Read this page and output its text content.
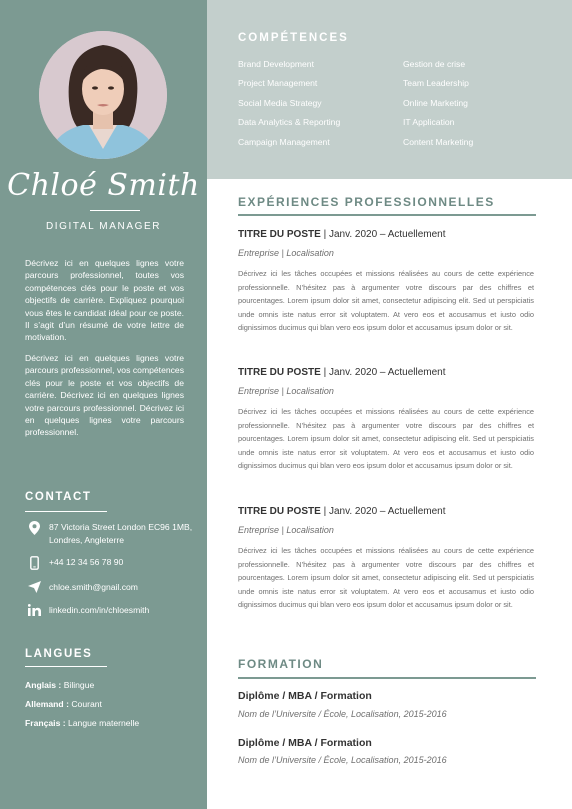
Chloé Smith
DIGITAL MANAGER

Décrivez ici en quelques lignes votre parcours professionnel, toutes vos compétences clés pour le poste et vos objectifs de carrière. Expliquez pourquoi vous êtes le candidat idéal pour ce poste. Il s’agit d’un résumé de votre lettre de motivation.

Décrivez ici en quelques lignes votre parcours professionnel, vos compétences clés pour le poste et vos objectifs de carrière. Décrivez ici en quelques lignes votre parcours professionnel. Décrivez ici en quelques lignes votre parcours professionnel.

CONTACT
87 Victoria Street London EC96 1MB, Londres, Angleterre
+44 12 34 56 78 90
chloe.smith@gnail.com
linkedin.com/in/chloesmith
LANGUES
Anglais : Bilingue
Allemand : Courant
Français : Langue maternelle
COMPÉTENCES
Brand Development
Project Management
Social Media Strategy
Data Analytics & Reporting
Campaign Management
Gestion de crise
Team Leadership
Online Marketing
IT Application
Content Marketing
EXPÉRIENCES PROFESSIONNELLES
TITRE DU POSTE | Janv. 2020 – Actuellement
Entreprise | Localisation

Décrivez ici les tâches occupées et missions réalisées au cours de cette expérience professionnelle. N’hésitez pas à argumenter votre discours par des chiffres et pourcentages. Lorem ipsum dolor sit amet, consectetur adipiscing elit. Sed ut perspiciatis unde omnis iste natus error sit voluptatem. At vero eos et accusamus et iusto odio dignissimos ducimus qui blan vero eos ipsum dolor et accusamus ipsum dolor or sit.

TITRE DU POSTE | Janv. 2020 – Actuellement
Entreprise | Localisation

Décrivez ici les tâches occupées et missions réalisées au cours de cette expérience professionnelle. N’hésitez pas à argumenter votre discours par des chiffres et pourcentages. Lorem ipsum dolor sit amet, consectetur adipiscing elit. Sed ut perspiciatis unde omnis iste natus error sit voluptatem. At vero eos et accusamus et iusto odio dignissimos ducimus qui blan vero eos ipsum dolor et accusamus ipsum dolor or sit.

TITRE DU POSTE | Janv. 2020 – Actuellement
Entreprise | Localisation

Décrivez ici les tâches occupées et missions réalisées au cours de cette expérience professionnelle. N’hésitez pas à argumenter votre discours par des chiffres et pourcentages. Lorem ipsum dolor sit amet, consectetur adipiscing elit. Sed ut perspiciatis unde omnis iste natus error sit voluptatem. At vero eos et accusamus et iusto odio dignissimos ducimus qui blan vero eos ipsum dolor et accusamus ipsum dolor or sit.

FORMATION
Diplôme / MBA / Formation
Nom de l’Universite / École, Localisation, 2015-2016
Diplôme / MBA / Formation
Nom de l’Universite / École, Localisation, 2015-2016
